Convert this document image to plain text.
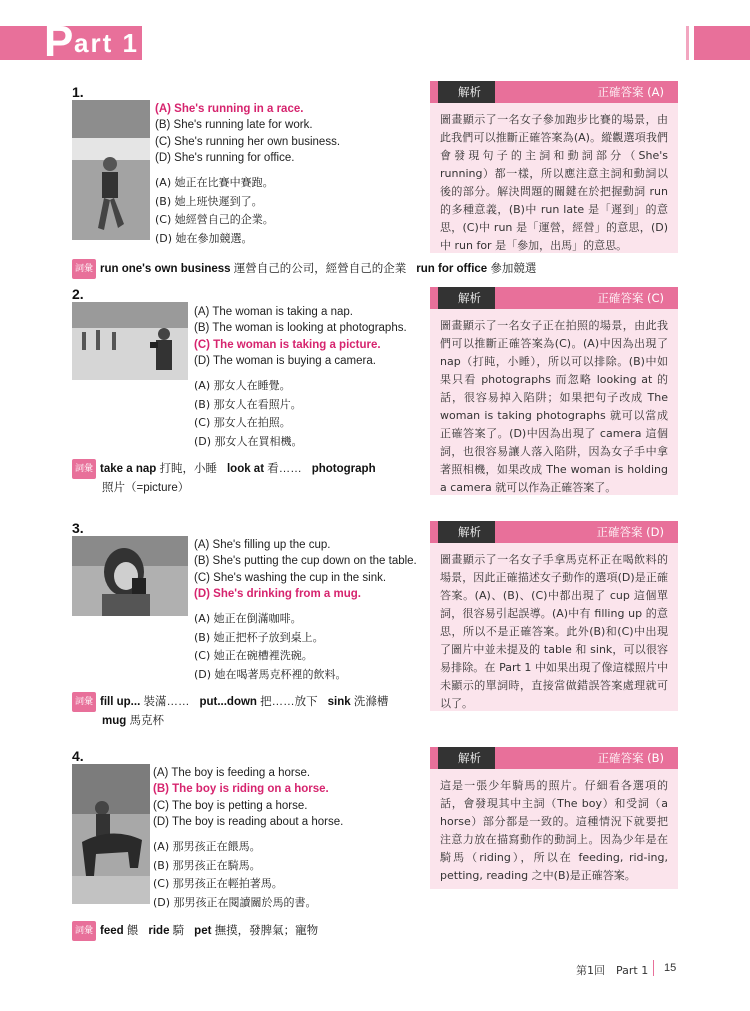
P art 1
1.
(A) She's running in a race.
(B) She's running late for work.
(C) She's running her own business.
(D) She's running for office.
(A) 她正在比賽中賽跑。
(B) 她上班快遲到了。
(C) 她經營自己的企業。
(D) 她在參加競選。
詞彙 run one's own business 運營自己的公司，經營自己的企業 run for office 參加競選
解析	正確答案 (A)
圖畫顯示了一名女子參加跑步比賽的場景，由此我們可以推斷正確答案為(A)。縱觀選項我們會發現句子的主詞和動詞部分（She's running）都一樣，所以應注意主詞和動詞以後的部分。解決問題的關鍵在於把握動詞 run 的多種意義，(B)中 run late 是「遲到」的意思，(C)中 run 是「運營，經營」的意思，(D)中 run for 是「參加，出馬」的意思。
2.
(A) The woman is taking a nap.
(B) The woman is looking at photographs.
(C) The woman is taking a picture.
(D) The woman is buying a camera.
(A) 那女人在睡覺。
(B) 那女人在看照片。
(C) 那女人在拍照。
(D) 那女人在買相機。
詞彙 take a nap 打盹，小睡 look at 看…… photograph
照片（=picture）
解析	正確答案 (C)
圖畫顯示了一名女子正在拍照的場景，由此我們可以推斷正確答案為(C)。(A)中因為出現了 nap（打盹，小睡），所以可以排除。(B)中如果只看 photographs 而忽略 looking at 的話，很容易掉入陷阱；如果把句子改成 The woman is taking photographs 就可以當成正確答案了。(D)中因為出現了 camera 這個詞，也很容易讓人落入陷阱，因為女子手中拿著照相機，如果改成 The woman is holding a camera 就可以作為正確答案了。
3.
(A) She's filling up the cup.
(B) She's putting the cup down on the table.
(C) She's washing the cup in the sink.
(D) She's drinking from a mug.
(A) 她正在倒滿咖啡。
(B) 她正把杯子放到桌上。
(C) 她正在碗槽裡洗碗。
(D) 她在喝著馬克杯裡的飲料。
詞彙 fill up... 裝滿…… put...down 把……放下 sink 洗滌槽
mug 馬克杯
解析	正確答案 (D)
圖畫顯示了一名女子手拿馬克杯正在喝飲料的場景，因此正確描述女子動作的選項(D)是正確答案。(A)、(B)、(C)中都出現了 cup 這個單詞，很容易引起誤導。(A)中有 filling up 的意思，所以不是正確答案。此外(B)和(C)中出現了圖片中並未提及的 table 和 sink，可以很容易排除。在 Part 1 中如果出現了像這樣照片中未顯示的單詞時，直接當做錯誤答案處理就可以了。
4.
(A) The boy is feeding a horse.
(B) The boy is riding on a horse.
(C) The boy is petting a horse.
(D) The boy is reading about a horse.
(A) 那男孩正在餵馬。
(B) 那男孩正在騎馬。
(C) 那男孩正在輕拍著馬。
(D) 那男孩正在閱讀關於馬的書。
詞彙 feed 餵 ride 騎 pet 撫摸，發脾氣；寵物
解析	正確答案 (B)
這是一張少年騎馬的照片。仔細看各選項的話，會發現其中主詞（The boy）和受詞（a horse）部分都是一致的。這種情況下就要把注意力放在描寫動作的動詞上。因為少年是在騎馬（riding），所以在 feeding, rid-ing, petting, reading 之中(B)是正確答案。
第1回　Part 1 15
